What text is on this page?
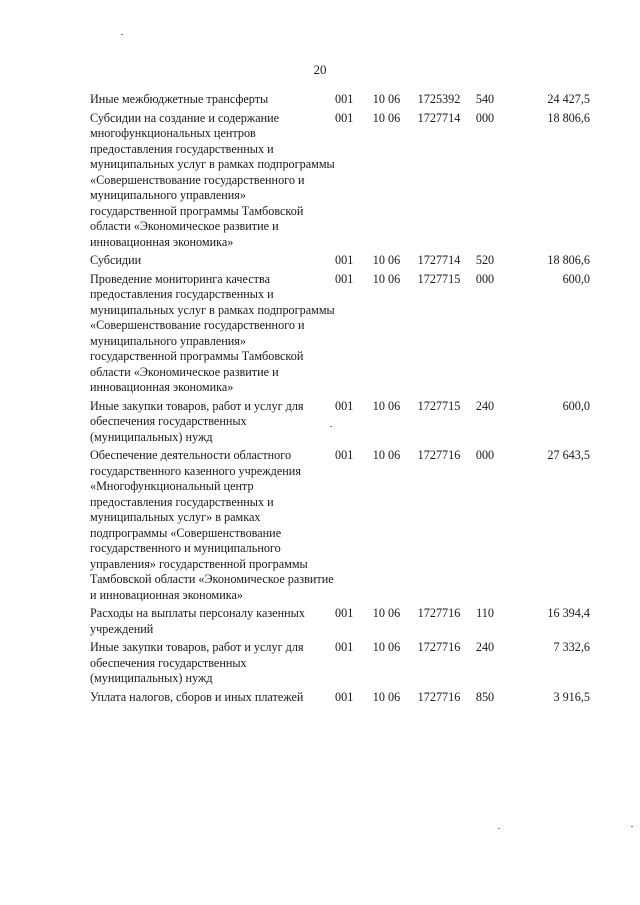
20
Иные межбюджетные трансферты	001	10 06	1725392	540	24 427,5
Субсидии на создание и содержание многофункциональных центров предоставления государственных и муниципальных услуг в рамках подпрограммы «Совершенствование государственного и муниципального управления» государственной программы Тамбовской области «Экономическое развитие и инновационная экономика»	001	10 06	1727714	000	18 806,6
Субсидии	001	10 06	1727714	520	18 806,6
Проведение мониторинга качества предоставления государственных и муниципальных услуг в рамках подпрограммы «Совершенствование государственного и муниципального управления» государственной программы Тамбовской области «Экономическое развитие и инновационная экономика»	001	10 06	1727715	000	600,0
Иные закупки товаров, работ и услуг для обеспечения государственных (муниципальных) нужд	001	10 06	1727715	240	600,0
Обеспечение деятельности областного государственного казенного учреждения «Многофункциональный центр предоставления государственных и муниципальных услуг» в рамках подпрограммы «Совершенствование государственного и муниципального управления» государственной программы Тамбовской области «Экономическое развитие и инновационная экономика»	001	10 06	1727716	000	27 643,5
Расходы на выплаты персоналу казенных учреждений	001	10 06	1727716	110	16 394,4
Иные закупки товаров, работ и услуг для обеспечения государственных (муниципальных) нужд	001	10 06	1727716	240	7 332,6
Уплата налогов, сборов и иных платежей	001	10 06	1727716	850	3 916,5
